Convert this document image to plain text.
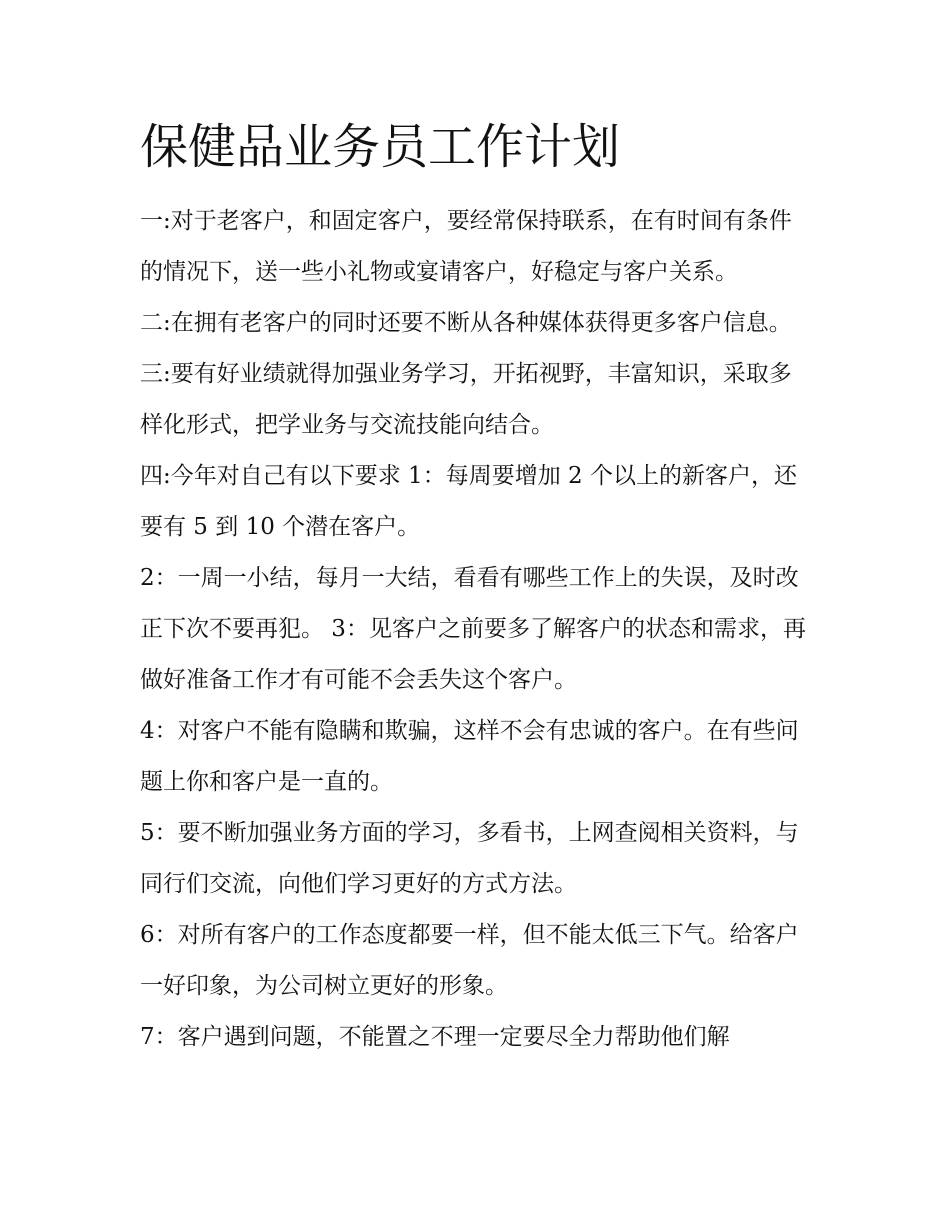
保健品业务员工作计划

一:对于老客户，和固定客户，要经常保持联系，在有时间有条件的情况下，送一些小礼物或宴请客户，好稳定与客户关系。

二:在拥有老客户的同时还要不断从各种媒体获得更多客户信息。 三:要有好业绩就得加强业务学习，开拓视野，丰富知识，采取多样化形式，把学业务与交流技能向结合。

四:今年对自己有以下要求 1：每周要增加 2 个以上的新客户，还要有 5 到 10 个潜在客户。

2：一周一小结，每月一大结，看看有哪些工作上的失误，及时改正下次不要再犯。 3：见客户之前要多了解客户的状态和需求，再做好准备工作才有可能不会丢失这个客户。

4：对客户不能有隐瞒和欺骗，这样不会有忠诚的客户。在有些问题上你和客户是一直的。

5：要不断加强业务方面的学习，多看书，上网查阅相关资料，与同行们交流，向他们学习更好的方式方法。

6：对所有客户的工作态度都要一样，但不能太低三下气。给客户一好印象，为公司树立更好的形象。

7：客户遇到问题，不能置之不理一定要尽全力帮助他们解
